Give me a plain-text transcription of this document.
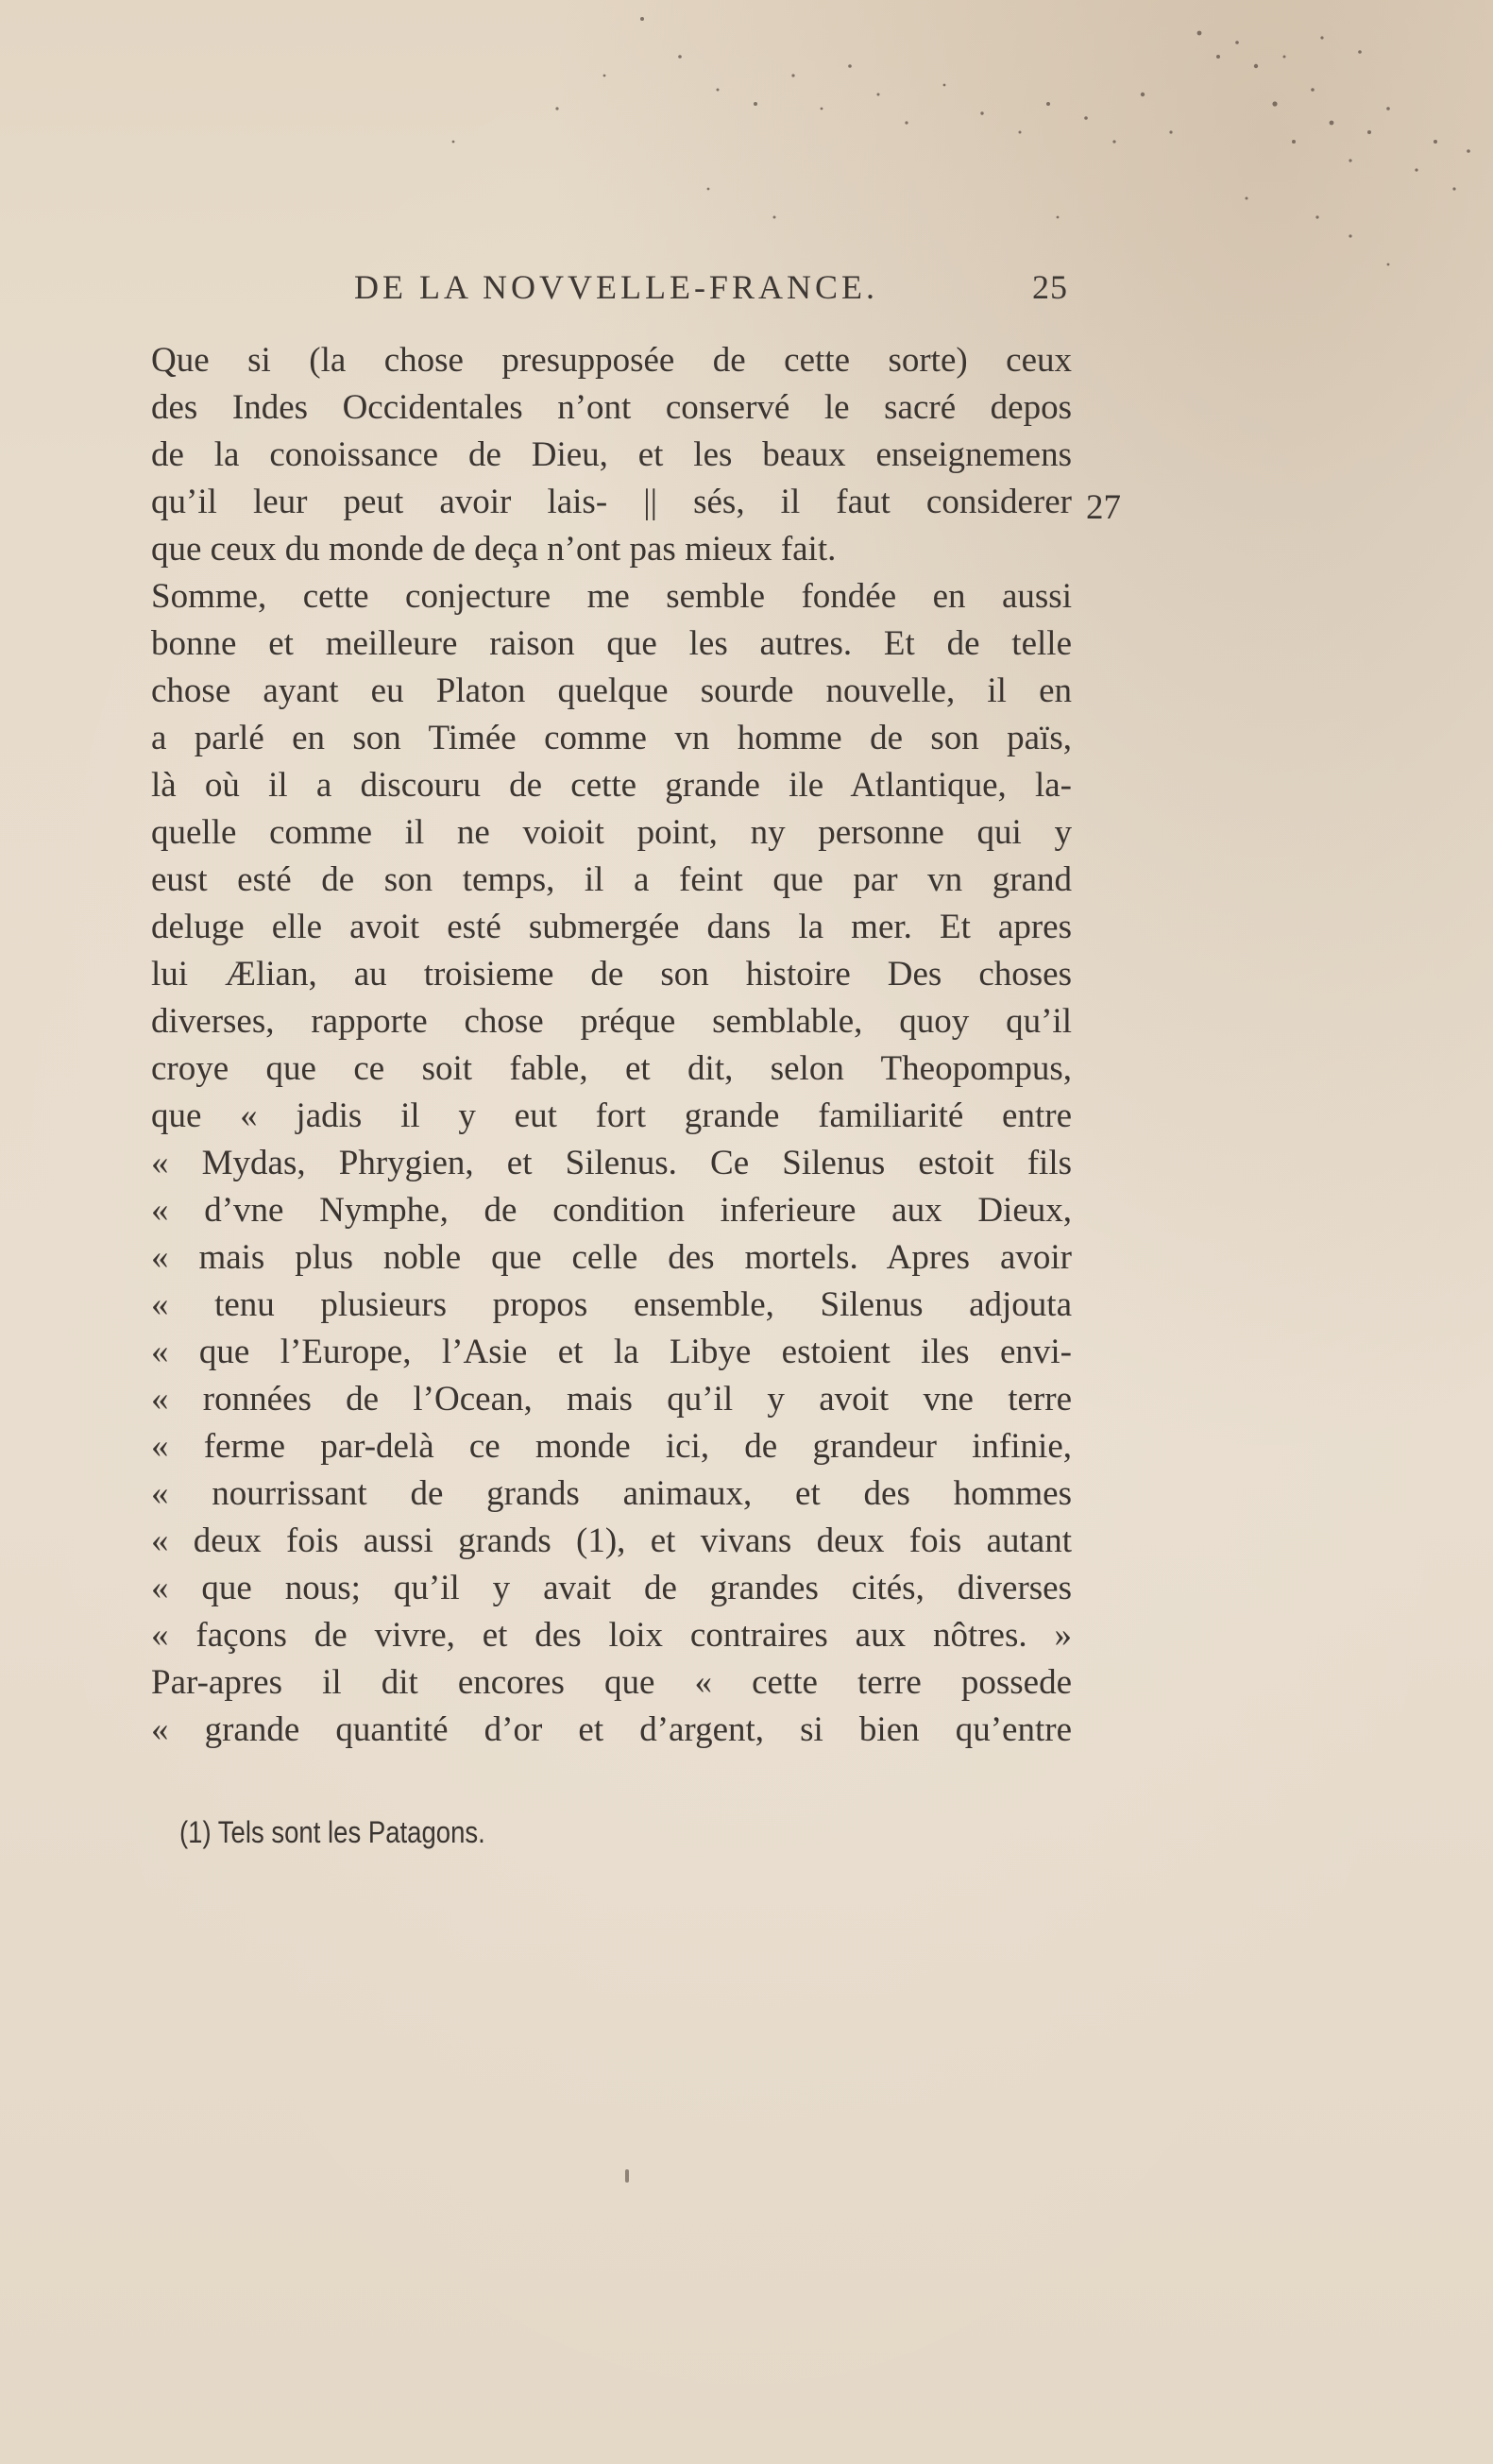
DE LA NOVVELLE-FRANCE.	25
27
Que si (la chose presupposée de cette sorte) ceux
des Indes Occidentales n’ont conservé le sacré depos
de la conoissance de Dieu, et les beaux enseignemens
qu’il leur peut avoir lais- || sés, il faut considerer
que ceux du monde de deça n’ont pas mieux fait.
Somme, cette conjecture me semble fondée en aussi
bonne et meilleure raison que les autres. Et de telle
chose ayant eu Platon quelque sourde nouvelle, il en
a parlé en son Timée comme vn homme de son païs,
là où il a discouru de cette grande ile Atlantique, la-
quelle comme il ne voioit point, ny personne qui y
eust esté de son temps, il a feint que par vn grand
deluge elle avoit esté submergée dans la mer. Et apres
lui Ælian, au troisieme de son histoire Des choses
diverses, rapporte chose préque semblable, quoy qu’il
croye que ce soit fable, et dit, selon Theopompus,
que « jadis il y eut fort grande familiarité entre
« Mydas, Phrygien, et Silenus. Ce Silenus estoit fils
« d’vne Nymphe, de condition inferieure aux Dieux,
« mais plus noble que celle des mortels. Apres avoir
« tenu plusieurs propos ensemble, Silenus adjouta
« que l’Europe, l’Asie et la Libye estoient iles envi-
« ronnées de l’Ocean, mais qu’il y avoit vne terre
« ferme par-delà ce monde ici, de grandeur infinie,
« nourrissant de grands animaux, et des hommes
« deux fois aussi grands (1), et vivans deux fois autant
« que nous; qu’il y avait de grandes cités, diverses
« façons de vivre, et des loix contraires aux nôtres. »
Par-apres il dit encores que « cette terre possede
« grande quantité d’or et d’argent, si bien qu’entre
(1) Tels sont les Patagons.
